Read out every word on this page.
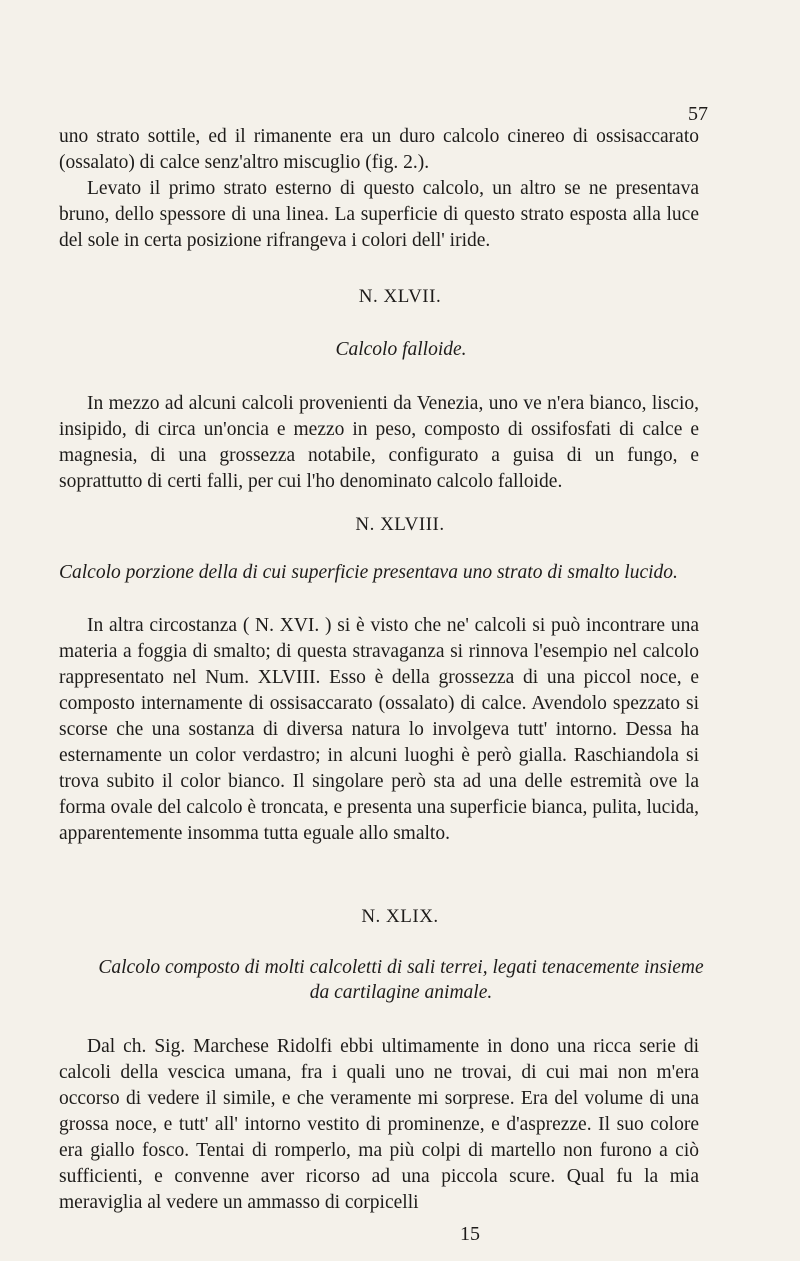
57
uno strato sottile, ed il rimanente era un duro calcolo cinereo di ossisaccarato (ossalato) di calce senz'altro miscuglio (fig. 2.).
Levato il primo strato esterno di questo calcolo, un altro se ne presentava bruno, dello spessore di una linea. La superficie di questo strato esposta alla luce del sole in certa posizione rifrangeva i colori dell' iride.
N. XLVII.
Calcolo falloide.
In mezzo ad alcuni calcoli provenienti da Venezia, uno ve n'era bianco, liscio, insipido, di circa un'oncia e mezzo in peso, composto di ossifosfati di calce e magnesia, di una grossezza notabile, configurato a guisa di un fungo, e soprattutto di certi falli, per cui l'ho denominato calcolo falloide.
N. XLVIII.
Calcolo porzione della di cui superficie presentava uno strato di smalto lucido.
In altra circostanza ( N. XVI. ) si è visto che ne' calcoli si può incontrare una materia a foggia di smalto; di questa stravaganza si rinnova l'esempio nel calcolo rappresentato nel Num. XLVIII. Esso è della grossezza di una piccol noce, e composto internamente di ossisaccarato (ossalato) di calce. Avendolo spezzato si scorse che una sostanza di diversa natura lo involgeva tutt' intorno. Dessa ha esternamente un color verdastro; in alcuni luoghi è però gialla. Raschiandola si trova subito il color bianco. Il singolare però sta ad una delle estremità ove la forma ovale del calcolo è troncata, e presenta una superficie bianca, pulita, lucida, apparentemente insomma tutta eguale allo smalto.
N. XLIX.
Calcolo composto di molti calcoletti di sali terrei, legati tenacemente insieme
da cartilagine animale.
Dal ch. Sig. Marchese Ridolfi ebbi ultimamente in dono una ricca serie di calcoli della vescica umana, fra i quali uno ne trovai, di cui mai non m'era occorso di vedere il simile, e che veramente mi sorprese. Era del volume di una grossa noce, e tutt' all' intorno vestito di prominenze, e d'asprezze. Il suo colore era giallo fosco. Tentai di romperlo, ma più colpi di martello non furono a ciò sufficienti, e convenne aver ricorso ad una piccola scure. Qual fu la mia meraviglia al vedere un ammasso di corpicelli
15
